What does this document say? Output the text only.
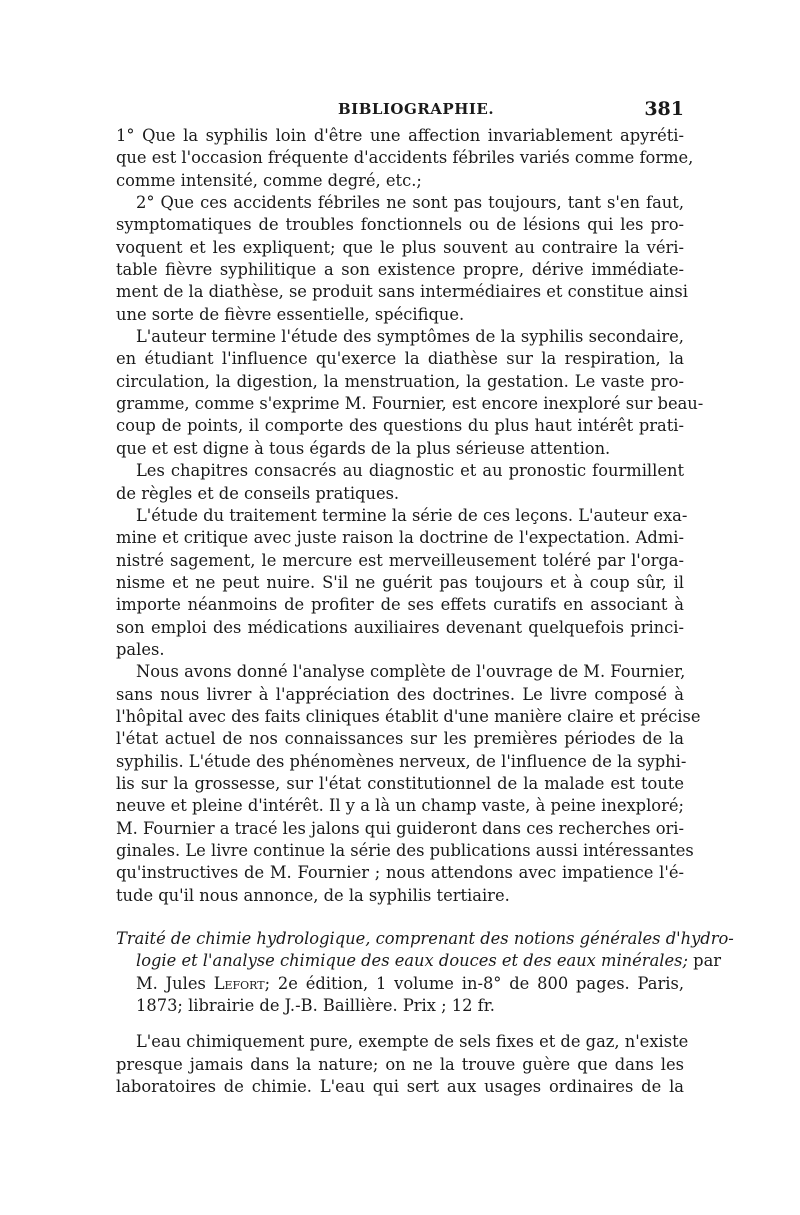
BIBLIOGRAPHIE.	381
1° Que la syphilis loin d'être une affection invariablement apyréti-
que est l'occasion fréquente d'accidents fébriles variés comme forme,
comme intensité, comme degré, etc.;
2° Que ces accidents fébriles ne sont pas toujours, tant s'en faut,
symptomatiques de troubles fonctionnels ou de lésions qui les pro-
voquent et les expliquent; que le plus souvent au contraire la véri-
table fièvre syphilitique a son existence propre, dérive immédiate-
ment de la diathèse, se produit sans intermédiaires et constitue ainsi
une sorte de fièvre essentielle, spécifique.
L'auteur termine l'étude des symptômes de la syphilis secondaire,
en étudiant l'influence qu'exerce la diathèse sur la respiration, la
circulation, la digestion, la menstruation, la gestation. Le vaste pro-
gramme, comme s'exprime M. Fournier, est encore inexploré sur beau-
coup de points, il comporte des questions du plus haut intérêt prati-
que et est digne à tous égards de la plus sérieuse attention.
Les chapitres consacrés au diagnostic et au pronostic fourmillent
de règles et de conseils pratiques.
L'étude du traitement termine la série de ces leçons. L'auteur exa-
mine et critique avec juste raison la doctrine de l'expectation. Admi-
nistré sagement, le mercure est merveilleusement toléré par l'orga-
nisme et ne peut nuire. S'il ne guérit pas toujours et à coup sûr, il
importe néanmoins de profiter de ses effets curatifs en associant à
son emploi des médications auxiliaires devenant quelquefois princi-
pales.
Nous avons donné l'analyse complète de l'ouvrage de M. Fournier,
sans nous livrer à l'appréciation des doctrines. Le livre composé à
l'hôpital avec des faits cliniques établit d'une manière claire et précise
l'état actuel de nos connaissances sur les premières périodes de la
syphilis. L'étude des phénomènes nerveux, de l'influence de la syphi-
lis sur la grossesse, sur l'état constitutionnel de la malade est toute
neuve et pleine d'intérêt. Il y a là un champ vaste, à peine inexploré;
M. Fournier a tracé les jalons qui guideront dans ces recherches ori-
ginales. Le livre continue la série des publications aussi intéressantes
qu'instructives de M. Fournier ; nous attendons avec impatience l'é-
tude qu'il nous annonce, de la syphilis tertiaire.
Traité de chimie hydrologique, comprenant des notions générales d'hydro-
logie et l'analyse chimique des eaux douces et des eaux minérales; par
M. Jules Lefort; 2e édition, 1 volume in-8° de 800 pages. Paris,
1873; librairie de J.-B. Baillière. Prix ; 12 fr.
L'eau chimiquement pure, exempte de sels fixes et de gaz, n'existe
presque jamais dans la nature; on ne la trouve guère que dans les
laboratoires de chimie. L'eau qui sert aux usages ordinaires de la
